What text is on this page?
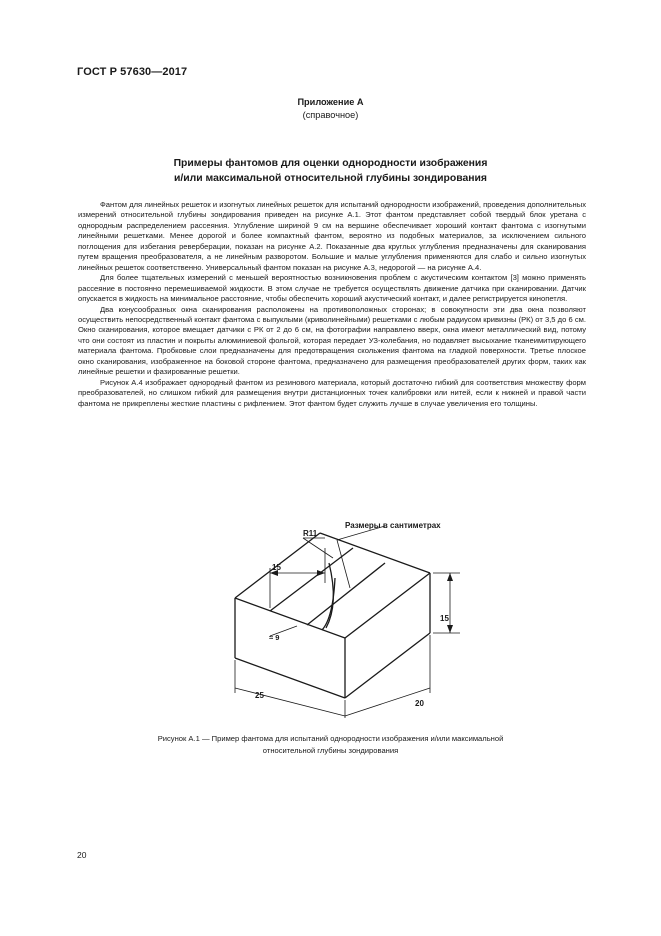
ГОСТ Р 57630—2017
Приложение А
(справочное)
Примеры фантомов для оценки однородности изображения
и/или максимальной относительной глубины зондирования

Фантом для линейных решеток и изогнутых линейных решеток для испытаний однородности изображений, проведения дополнительных измерений относительной глубины зондирования приведен на рисунке А.1. Этот фантом представляет собой твердый блок уретана с однородным распределением рассеяния. Углубление шириной 9 см на вершине обеспечивает хороший контакт фантома с изогнутыми линейными решетками. Менее дорогой и более компактный фантом, вероятно из подобных материалов, за исключением сильного поглощения для избегания реверберации, показан на рисунке А.2. Показанные два круглых углубления предназначены для сканирования путем вращения преобразователя, а не линейным разворотом. Большие и малые углубления применяются для слабо и сильно изогнутых линейных решеток соответственно. Универсальный фантом показан на рисунке А.3, недорогой — на рисунке А.4.

Для более тщательных измерений с меньшей вероятностью возникновения проблем с акустическим контактом [3] можно применять рассеяние в постоянно перемешиваемой жидкости. В этом случае не требуется осуществлять движение датчика при сканировании. Датчик опускается в жидкость на минимальное расстояние, чтобы обеспечить хороший акустический контакт, и далее регистрируется кинопетля.

Два конусообразных окна сканирования расположены на противоположных сторонах; в совокупности эти два окна позволяют осуществить непосредственный контакт фантома с выпуклыми (криволинейными) решетками с любым радиусом кривизны (РК) от 3,5 до 6 см. Окно сканирования, которое вмещает датчики с РК от 2 до 6 см, на фотографии направлено вверх, окна имеют металлический вид, потому что они состоят из пластин и покрыты алюминиевой фольгой, которая передает УЗ-колебания, но подавляет высыхание тканеимитирующего материала фантома. Пробковые слои предназначены для предотвращения скольжения фантома на гладкой поверхности. Третье плоское окно сканирования, изображенное на боковой стороне фантома, предназначено для размещения преобразователей других форм, таких как линейные решетки и фазированные решетки.

Рисунок А.4 изображает однородный фантом из резинового материала, который достаточно гибкий для соответствия множеству форм преобразователей, но слишком гибкий для размещения внутри дистанционных точек калибровки или нитей, если к нижней и правой части фантома не прикреплены жесткие пластины с рифлением. Этот фантом будет служить лучше в случае увеличения его толщины.

Размеры в сантиметрах
R11
15
15
≈ 9
25
20
Рисунок А.1 — Пример фантома для испытаний однородности изображения и/или максимальной
относительной глубины зондирования
20
